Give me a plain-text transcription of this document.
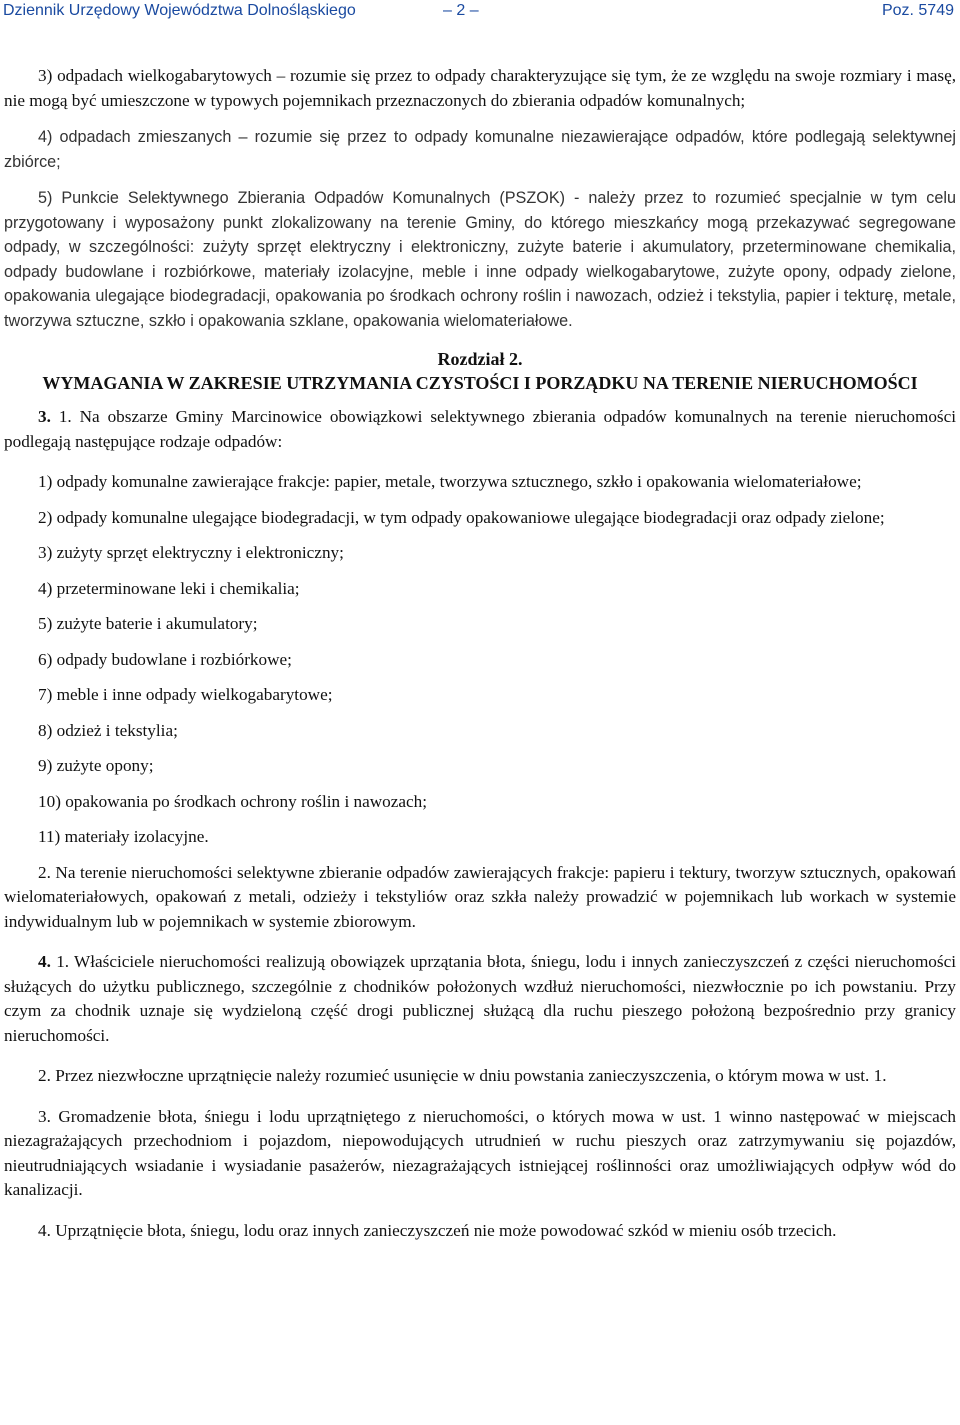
Dziennik Urzędowy Województwa Dolnośląskiego	– 2 –	Poz. 5749

3) odpadach wielkogabarytowych – rozumie się przez to odpady charakteryzujące się tym, że ze względu na swoje rozmiary i masę, nie mogą być umieszczone w typowych pojemnikach przeznaczonych do zbierania odpadów komunalnych;

4) odpadach zmieszanych – rozumie się przez to odpady komunalne niezawierające odpadów, które podlegają selektywnej zbiórce;

5) Punkcie Selektywnego Zbierania Odpadów Komunalnych (PSZOK) - należy przez to rozumieć specjalnie w tym celu przygotowany i wyposażony punkt zlokalizowany na terenie Gminy, do którego mieszkańcy mogą przekazywać segregowane odpady, w szczególności: zużyty sprzęt elektryczny i elektroniczny, zużyte baterie i akumulatory, przeterminowane chemikalia, odpady budowlane i rozbiórkowe, materiały izolacyjne, meble i inne odpady wielkogabarytowe, zużyte opony, odpady zielone, opakowania ulegające biodegradacji, opakowania po środkach ochrony roślin i nawozach, odzież i tekstylia, papier i tekturę, metale, tworzywa sztuczne, szkło i opakowania szklane, opakowania wielomateriałowe.

Rozdział 2.
WYMAGANIA W ZAKRESIE UTRZYMANIA CZYSTOŚCI I PORZĄDKU NA TERENIE NIERUCHOMOŚCI

3. 1. Na obszarze Gminy Marcinowice obowiązkowi selektywnego zbierania odpadów komunalnych na terenie nieruchomości podlegają następujące rodzaje odpadów:

1) odpady komunalne zawierające frakcje: papier, metale, tworzywa sztucznego, szkło i opakowania wielomateriałowe;

2) odpady komunalne ulegające biodegradacji, w tym odpady opakowaniowe ulegające biodegradacji oraz odpady zielone;

3) zużyty sprzęt elektryczny i elektroniczny;

4) przeterminowane leki i chemikalia;

5) zużyte baterie i akumulatory;

6) odpady budowlane i rozbiórkowe;

7) meble i inne odpady wielkogabarytowe;

8) odzież i tekstylia;

9) zużyte opony;

10) opakowania po środkach ochrony roślin i nawozach;

11) materiały izolacyjne.

2. Na terenie nieruchomości selektywne zbieranie odpadów zawierających frakcje: papieru i tektury, tworzyw sztucznych, opakowań wielomateriałowych, opakowań z metali, odzieży i tekstyliów oraz szkła należy prowadzić w pojemnikach lub workach w systemie indywidualnym lub w pojemnikach w systemie zbiorowym.

4. 1. Właściciele nieruchomości realizują obowiązek uprzątania błota, śniegu, lodu i innych zanieczyszczeń z części nieruchomości służących do użytku publicznego, szczególnie z chodników położonych wzdłuż nieruchomości, niezwłocznie po ich powstaniu. Przy czym za chodnik uznaje się wydzieloną część drogi publicznej służącą dla ruchu pieszego położoną bezpośrednio przy granicy nieruchomości.

2. Przez niezwłoczne uprzątnięcie należy rozumieć usunięcie w dniu powstania zanieczyszczenia, o którym mowa w ust. 1.

3. Gromadzenie błota, śniegu i lodu uprzątniętego z nieruchomości, o których mowa w ust. 1 winno następować w miejscach niezagrażających przechodniom i pojazdom, niepowodujących utrudnień w ruchu pieszych oraz zatrzymywaniu się pojazdów, nieutrudniających wsiadanie i wysiadanie pasażerów, niezagrażających istniejącej roślinności oraz umożliwiających odpływ wód do kanalizacji.

4. Uprzątnięcie błota, śniegu, lodu oraz innych zanieczyszczeń nie może powodować szkód w mieniu osób trzecich.
